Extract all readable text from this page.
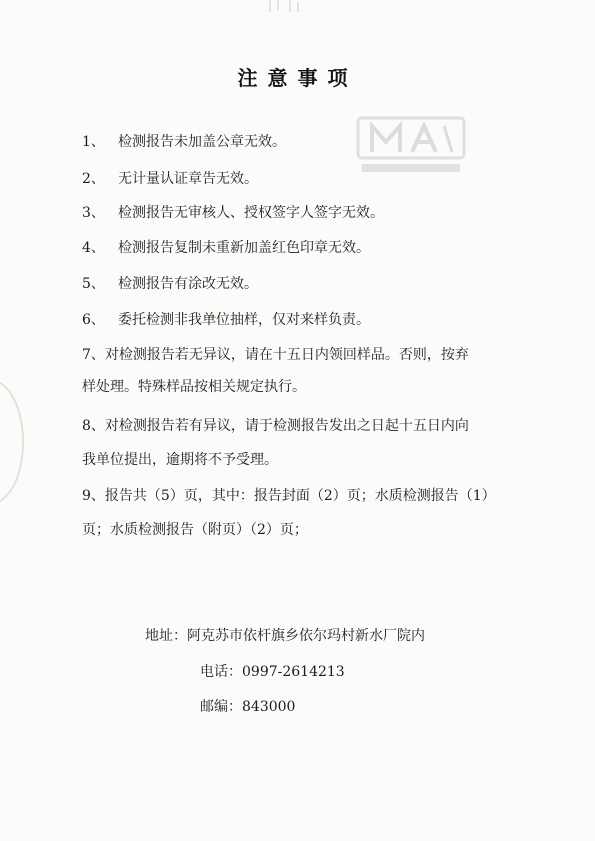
注意事项
1、 检测报告未加盖公章无效。
2、 无计量认证章告无效。
3、 检测报告无审核人、授权签字人签字无效。
4、 检测报告复制未重新加盖红色印章无效。
5、 检测报告有涂改无效。
6、 委托检测非我单位抽样，仅对来样负责。
7、对检测报告若无异议，请在十五日内领回样品。否则，按弃
样处理。特殊样品按相关规定执行。
8、对检测报告若有异议，请于检测报告发出之日起十五日内向
我单位提出，逾期将不予受理。
9、报告共（5）页，其中：报告封面（2）页；水质检测报告（1）
页；水质检测报告（附页）（2）页；
地址：阿克苏市依杆旗乡依尔玛村新水厂院内
电话：0997-2614213
邮编：843000
